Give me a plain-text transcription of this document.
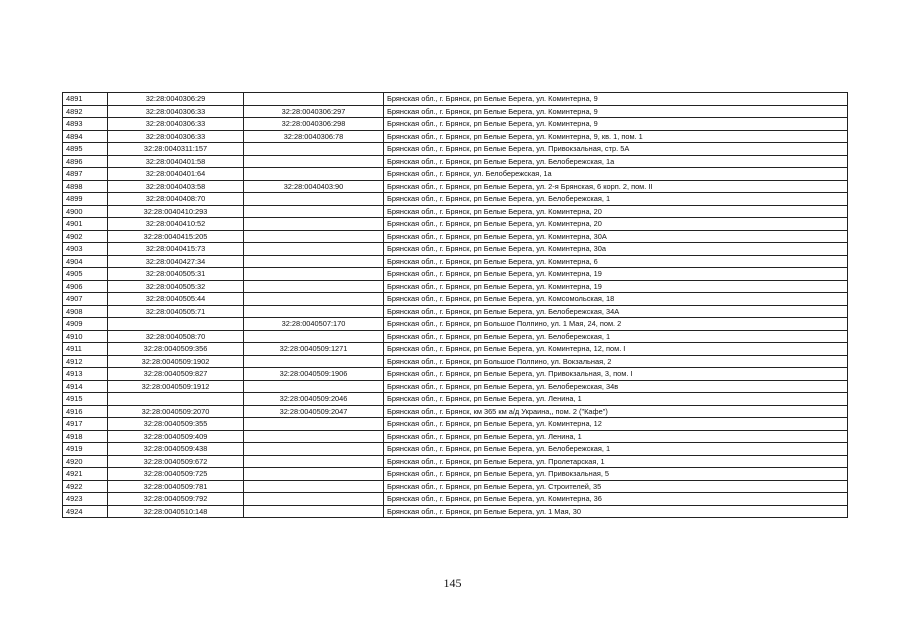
4891	32:28:0040306:29		Брянская обл., г. Брянск, рп Белые Берега, ул. Коминтерна, 9
4892	32:28:0040306:33	32:28:0040306:297	Брянская обл., г. Брянск, рп Белые Берега, ул. Коминтерна, 9
4893	32:28:0040306:33	32:28:0040306:298	Брянская обл., г. Брянск, рп Белые Берега, ул. Коминтерна, 9
4894	32:28:0040306:33	32:28:0040306:78	Брянская обл., г. Брянск, рп Белые Берега, ул. Коминтерна, 9, кв. 1, пом. 1
4895	32:28:0040311:157		Брянская обл., г. Брянск, рп Белые Берега, ул. Привокзальная, стр. 5А
4896	32:28:0040401:58		Брянская обл., г. Брянск, рп Белые Берега, ул. Белобережская, 1а
4897	32:28:0040401:64		Брянская обл., г. Брянск, ул. Белобережская, 1а
4898	32:28:0040403:58	32:28:0040403:90	Брянская обл., г. Брянск, рп Белые Берега, ул. 2-я Брянская, 6 корп. 2, пом. II
4899	32:28:0040408:70		Брянская обл., г. Брянск, рп Белые Берега, ул. Белобережская, 1
4900	32:28:0040410:293		Брянская обл., г. Брянск, рп Белые Берега, ул. Коминтерна, 20
4901	32:28:0040410:52		Брянская обл., г. Брянск, рп Белые Берега, ул. Коминтерна, 20
4902	32:28:0040415:205		Брянская обл., г. Брянск, рп Белые Берега, ул. Коминтерна, 30А
4903	32:28:0040415:73		Брянская обл., г. Брянск, рп Белые Берега, ул. Коминтерна, 30а
4904	32:28:0040427:34		Брянская обл., г. Брянск, рп Белые Берега, ул. Коминтерна, 6
4905	32:28:0040505:31		Брянская обл., г. Брянск, рп Белые Берега, ул. Коминтерна, 19
4906	32:28:0040505:32		Брянская обл., г. Брянск, рп Белые Берега, ул. Коминтерна, 19
4907	32:28:0040505:44		Брянская обл., г. Брянск, рп Белые Берега, ул. Комсомольская, 18
4908	32:28:0040505:71		Брянская обл., г. Брянск, рп Белые Берега, ул. Белобережская, 34А
4909		32:28:0040507:170	Брянская обл., г. Брянск, рп Большое Полпино, ул. 1 Мая, 24, пом. 2
4910	32:28:0040508:70		Брянская обл., г. Брянск, рп Белые Берега, ул. Белобережская, 1
4911	32:28:0040509:356	32:28:0040509:1271	Брянская обл., г. Брянск, рп Белые Берега, ул. Коминтерна, 12, пом. I
4912	32:28:0040509:1902		Брянская обл., г. Брянск, рп Большое Полпино, ул. Вокзальная, 2
4913	32:28:0040509:827	32:28:0040509:1906	Брянская обл., г. Брянск, рп Белые Берега, ул. Привокзальная, 3, пом. I
4914	32:28:0040509:1912		Брянская обл., г. Брянск, рп Белые Берега, ул. Белобережская, 34в
4915		32:28:0040509:2046	Брянская обл., г. Брянск, рп Белые Берега, ул. Ленина, 1
4916	32:28:0040509:2070	32:28:0040509:2047	Брянская обл., г. Брянск, км 365 км а/д Украина,, пом. 2 ("Кафе")
4917	32:28:0040509:355		Брянская обл., г. Брянск, рп Белые Берега, ул. Коминтерна, 12
4918	32:28:0040509:409		Брянская обл., г. Брянск, рп Белые Берега, ул. Ленина, 1
4919	32:28:0040509:438		Брянская обл., г. Брянск, рп Белые Берега, ул. Белобережская, 1
4920	32:28:0040509:672		Брянская обл., г. Брянск, рп Белые Берега, ул. Пролетарская, 1
4921	32:28:0040509:725		Брянская обл., г. Брянск, рп Белые Берега, ул. Привокзальная, 5
4922	32:28:0040509:781		Брянская обл., г. Брянск, рп Белые Берега, ул. Строителей, 35
4923	32:28:0040509:792		Брянская обл., г. Брянск, рп Белые Берега, ул. Коминтерна, 36
4924	32:28:0040510:148		Брянская обл., г. Брянск, рп Белые Берега, ул. 1 Мая, 30
145
